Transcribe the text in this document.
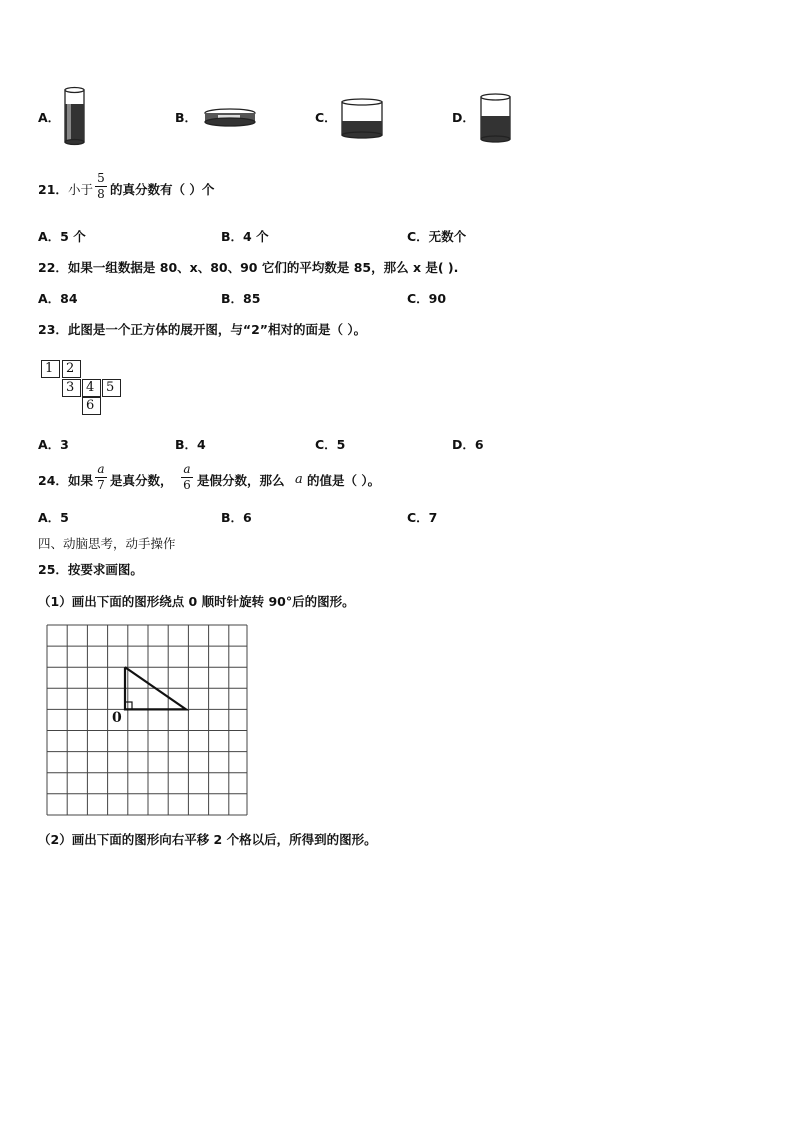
A．	B．	C．	D．
21． 小于
5
8 的真分数有（ ）个
A．5 个	B．4 个	C．无数个
22．如果一组数据是 80、x、80、90 它们的平均数是 85，那么 x 是( ).
A．84	B．85	C．90
23．此图是一个正方体的展开图，与“2”相对的面是（ ）。
1 2
3 4 5
6
A．3	B．4	C．5	D．6
24． 如果
a
7 是真分数，
a
6 是假分数，那么 a 的值是（ ）。
A．5	B．6	C．7
四、动脑思考，动手操作
25．按要求画图。
（1）画出下面的图形绕点 0 顺时针旋转 90°后的图形。
0
（2）画出下面的图形向右平移 2 个格以后，所得到的图形。
